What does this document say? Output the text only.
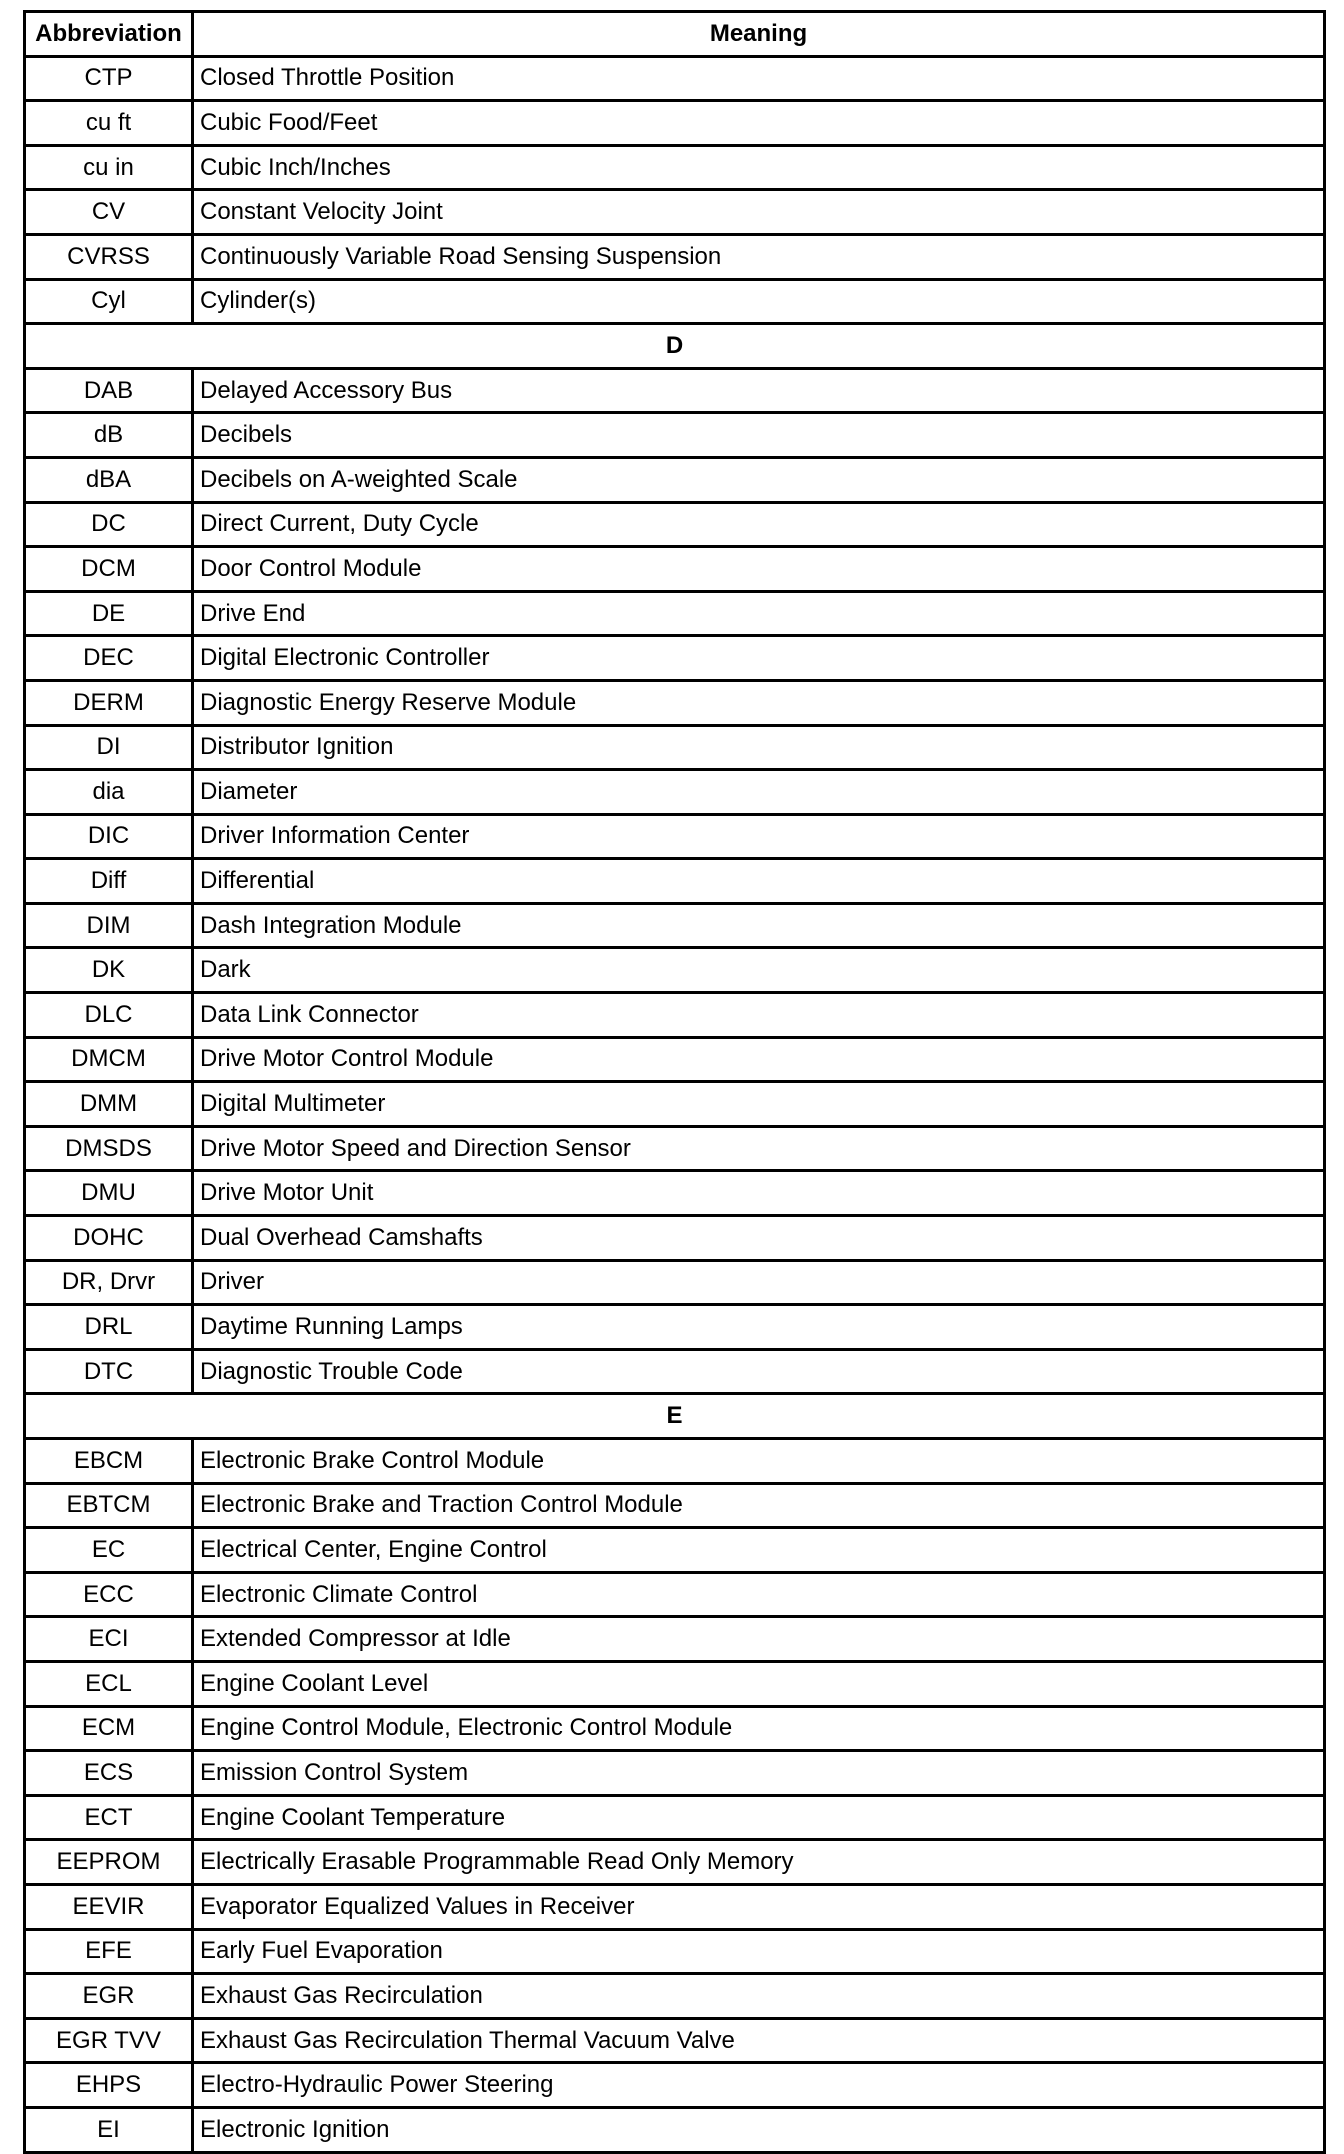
Abbreviation	Meaning
CTP	Closed Throttle Position
cu ft	Cubic Food/Feet
cu in	Cubic Inch/Inches
CV	Constant Velocity Joint
CVRSS	Continuously Variable Road Sensing Suspension
Cyl	Cylinder(s)
D	
DAB	Delayed Accessory Bus
dB	Decibels
dBA	Decibels on A-weighted Scale
DC	Direct Current, Duty Cycle
DCM	Door Control Module
DE	Drive End
DEC	Digital Electronic Controller
DERM	Diagnostic Energy Reserve Module
DI	Distributor Ignition
dia	Diameter
DIC	Driver Information Center
Diff	Differential
DIM	Dash Integration Module
DK	Dark
DLC	Data Link Connector
DMCM	Drive Motor Control Module
DMM	Digital Multimeter
DMSDS	Drive Motor Speed and Direction Sensor
DMU	Drive Motor Unit
DOHC	Dual Overhead Camshafts
DR, Drvr	Driver
DRL	Daytime Running Lamps
DTC	Diagnostic Trouble Code
E	
EBCM	Electronic Brake Control Module
EBTCM	Electronic Brake and Traction Control Module
EC	Electrical Center, Engine Control
ECC	Electronic Climate Control
ECI	Extended Compressor at Idle
ECL	Engine Coolant Level
ECM	Engine Control Module, Electronic Control Module
ECS	Emission Control System
ECT	Engine Coolant Temperature
EEPROM	Electrically Erasable Programmable Read Only Memory
EEVIR	Evaporator Equalized Values in Receiver
EFE	Early Fuel Evaporation
EGR	Exhaust Gas Recirculation
EGR TVV	Exhaust Gas Recirculation Thermal Vacuum Valve
EHPS	Electro-Hydraulic Power Steering
EI	Electronic Ignition
